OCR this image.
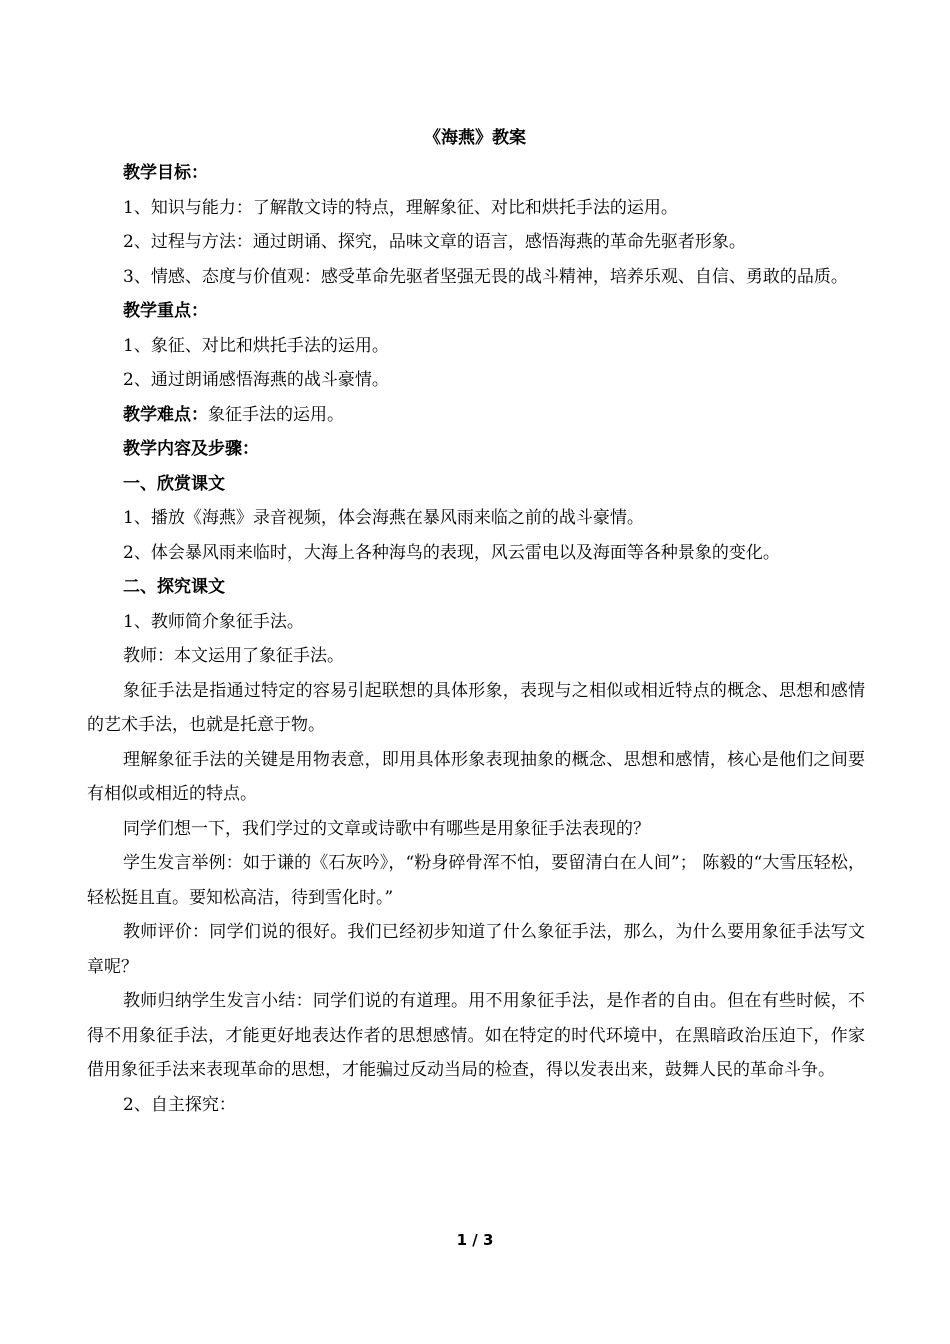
《海燕》教案

教学目标：

1、知识与能力：了解散文诗的特点，理解象征、对比和烘托手法的运用。

2、过程与方法：通过朗诵、探究，品味文章的语言，感悟海燕的革命先驱者形象。

3、情感、态度与价值观：感受革命先驱者坚强无畏的战斗精神，培养乐观、自信、勇敢的品质。

教学重点：

1、象征、对比和烘托手法的运用。

2、通过朗诵感悟海燕的战斗豪情。

教学难点：象征手法的运用。

教学内容及步骤：

一、欣赏课文

1、播放《海燕》录音视频，体会海燕在暴风雨来临之前的战斗豪情。

2、体会暴风雨来临时，大海上各种海鸟的表现，风云雷电以及海面等各种景象的变化。

二、探究课文

1、教师简介象征手法。

教师：本文运用了象征手法。

象征手法是指通过特定的容易引起联想的具体形象，表现与之相似或相近特点的概念、思想和感情的艺术手法，也就是托意于物。

理解象征手法的关键是用物表意，即用具体形象表现抽象的概念、思想和感情，核心是他们之间要有相似或相近的特点。

同学们想一下，我们学过的文章或诗歌中有哪些是用象征手法表现的？

学生发言举例：如于谦的《石灰吟》，“粉身碎骨浑不怕，要留清白在人间”； 陈毅的“大雪压轻松，轻松挺且直。要知松高洁，待到雪化时。”

教师评价：同学们说的很好。我们已经初步知道了什么象征手法，那么，为什么要用象征手法写文章呢？

教师归纳学生发言小结：同学们说的有道理。用不用象征手法，是作者的自由。但在有些时候，不得不用象征手法，才能更好地表达作者的思想感情。如在特定的时代环境中，在黑暗政治压迫下，作家借用象征手法来表现革命的思想，才能骗过反动当局的检查，得以发表出来，鼓舞人民的革命斗争。

2、自主探究：

1 / 3
